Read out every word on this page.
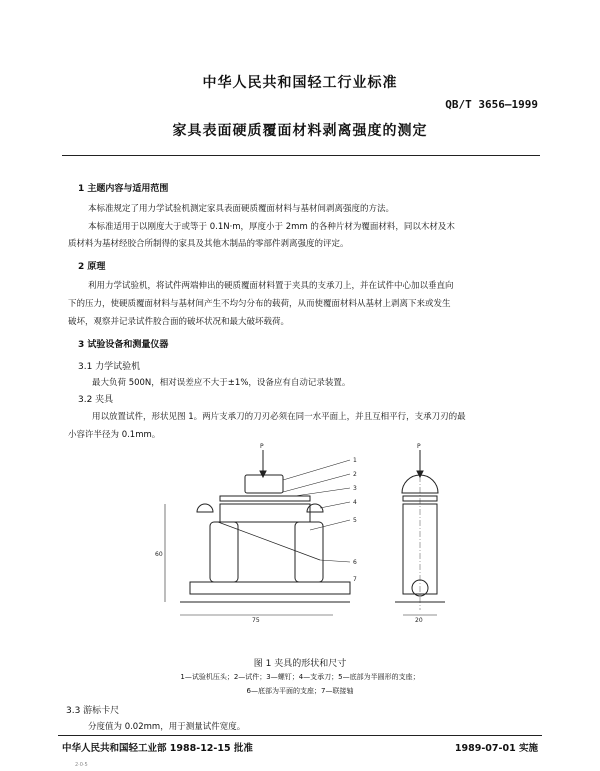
中华人民共和国轻工行业标准
QB/T 3656—1999
家具表面硬质覆面材料剥离强度的测定
1 主题内容与适用范围
本标准规定了用力学试验机测定家具表面硬质覆面材料与基材间剥离强度的方法。
本标准适用于以刚度大于或等于 0.1N·m，厚度小于 2mm 的各种片材为覆面材料，同以木材及木
质材料为基材经胶合所制得的家具及其他木制品的零部件剥离强度的评定。
2 原理
利用力学试验机，将试件两端伸出的硬质覆面材料置于夹具的支承刀上，并在试件中心加以垂直向
下的压力，使硬质覆面材料与基材间产生不均匀分布的载荷，从而使覆面材料从基材上剥离下来或发生
破坏，观察并记录试件胶合面的破坏状况和最大破坏载荷。
3 试验设备和测量仪器
3.1 力学试验机
最大负荷 500N，相对误差应不大于±1%，设备应有自动记录装置。
3.2 夹具
用以放置试件，形状见图 1。两片支承刀的刀刃必须在同一水平面上，并且互相平行，支承刀刃的最
小容许半径为 0.1mm。
P	P
1
2
3
4
5
6
7
60
75	20
图 1 夹具的形状和尺寸
1—试验机压头；2—试件；3—螺钉；4—支承刀；5—底部为半圆形的支座；
6—底部为平面的支座；7—联接轴
3.3 游标卡尺
分度值为 0.02mm，用于测量试件宽度。
中华人民共和国轻工业部 1988-12-15 批准	1989-07-01 实施
2·0·5
